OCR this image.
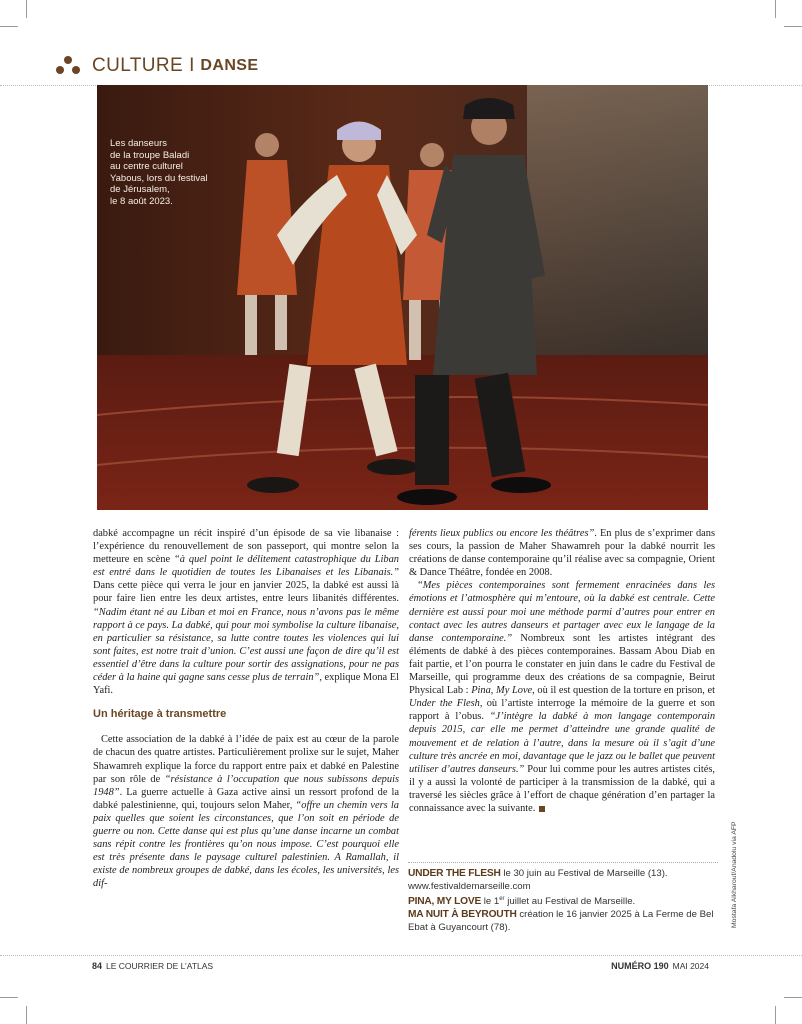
CULTURE I DANSE
Les danseurs
de la troupe Baladi
au centre culturel
Yabous, lors du festival
de Jérusalem,
le 8 août 2023.

dabké accompagne un récit inspiré d’un épisode de sa vie libanaise : l’expérience du renouvellement de son passeport, qui montre selon la metteure en scène “à quel point le délitement catastrophique du Liban est entré dans le quotidien de toutes les Libanaises et les Libanais.” Dans cette pièce qui verra le jour en janvier 2025, la dabké est aussi là pour faire lien entre les deux artistes, entre leurs libanités différentes. “Nadim étant né au Liban et moi en France, nous n’avons pas le même rapport à ce pays. La dabké, qui pour moi symbolise la culture libanaise, en particulier sa résistance, sa lutte contre toutes les violences qui lui sont faites, est notre trait d’union. C’est aussi une façon de dire qu’il est essentiel d’être dans la culture pour sortir des assignations, pour ne pas céder à la haine qui gagne sans cesse plus de terrain”, explique Mona El Yafi.

Un héritage à transmettre

Cette association de la dabké à l’idée de paix est au cœur de la parole de chacun des quatre artistes. Particulièrement prolixe sur le sujet, Maher Shawamreh explique la force du rapport entre paix et dabké en Palestine par son rôle de “résistance à l’occupation que nous subissons depuis 1948”. La guerre actuelle à Gaza active ainsi un ressort profond de la dabké palestinienne, qui, toujours selon Maher, “offre un chemin vers la paix quelles que soient les circonstances, que l’on soit en période de guerre ou non. Cette danse qui est plus qu’une danse incarne un combat sans répit contre les frontières qu’on nous impose. C’est pourquoi elle est très présente dans le paysage culturel palestinien. A Ramallah, il existe de nombreux groupes de dabké, dans les écoles, les universités, les dif-

férents lieux publics ou encore les théâtres”. En plus de s’exprimer dans ses cours, la passion de Maher Shawamreh pour la dabké nourrit les créations de danse contemporaine qu’il réalise avec sa compagnie, Orient & Dance Théâtre, fondée en 2008.

“Mes pièces contemporaines sont fermement enracinées dans les émotions et l’atmosphère qui m’entoure, où la dabké est centrale. Cette dernière est aussi pour moi une méthode parmi d’autres pour entrer en contact avec les autres danseurs et partager avec eux le langage de la danse contemporaine.” Nombreux sont les artistes intégrant des éléments de dabké à des pièces contemporaines. Bassam Abou Diab en fait partie, et l’on pourra le constater en juin dans le cadre du Festival de Marseille, qui programme deux des créations de sa compagnie, Beirut Physical Lab : Pina, My Love, où il est question de la torture en prison, et Under the Flesh, où l’artiste interroge la mémoire de la guerre et son rapport à l’obus. “J’intègre la dabké à mon langage contemporain depuis 2015, car elle me permet d’atteindre une grande qualité de mouvement et de relation à l’autre, dans la mesure où il s’agit d’une culture très ancrée en moi, davantage que le jazz ou le ballet que peuvent utiliser d’autres danseurs.” Pour lui comme pour les autres artistes cités, il y a aussi la volonté de participer à la transmission de la dabké, qui a traversé les siècles grâce à l’effort de chaque génération d’en partager la connaissance avec la suivante.

UNDER THE FLESH le 30 juin au Festival de Marseille (13). www.festivaldemarseille.com

PINA, MY LOVE le 1er juillet au Festival de Marseille.

MA NUIT À BEYROUTH création le 16 janvier 2025 à La Ferme de Bel Ebat à Guyancourt (78).	Mostafa Alkharouf/Anadolu via AFP
84 LE COURRIER DE L’ATLAS	NUMÉRO 190 MAI 2024
